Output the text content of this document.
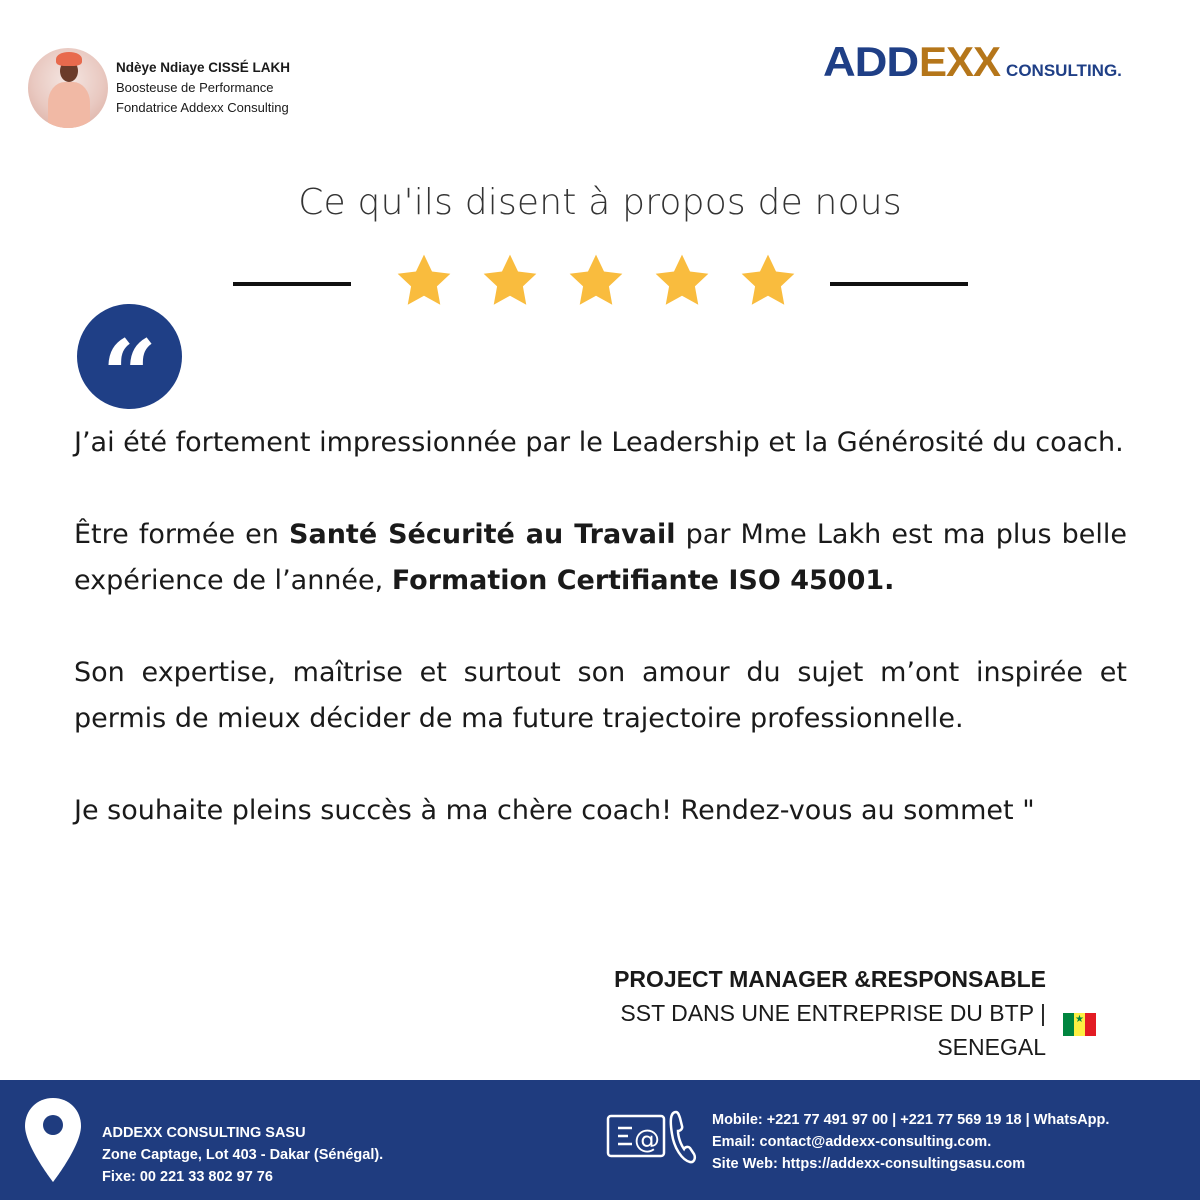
Ndèye Ndiaye CISSÉ LAKH
Boosteuse de Performance
Fondatrice Addexx Consulting
ADD EXX CONSULTING.
Ce qu'ils disent à propos de nous
“

J’ai été fortement impressionnée par le Leadership et la Générosité du coach.

Être formée en Santé Sécurité au Travail par Mme Lakh est ma plus belle expérience de l’année, Formation Certifiante ISO 45001.

Son expertise, maîtrise et surtout son amour du sujet m’ont inspirée et permis de mieux décider de ma future trajectoire professionnelle.

Je souhaite pleins succès à ma chère coach! Rendez-vous au sommet "

PROJECT MANAGER &RESPONSABLE
SST DANS UNE ENTREPRISE DU BTP |
SENEGAL
★
ADDEXX CONSULTING SASU
Zone Captage, Lot 403 - Dakar (Sénégal).
Fixe: 00 221 33 802 97 76
@
Mobile: +221 77 491 97 00 | +221 77 569 19 18 | WhatsApp.
Email: contact@addexx-consulting.com.
Site Web: https://addexx-consultingsasu.com
